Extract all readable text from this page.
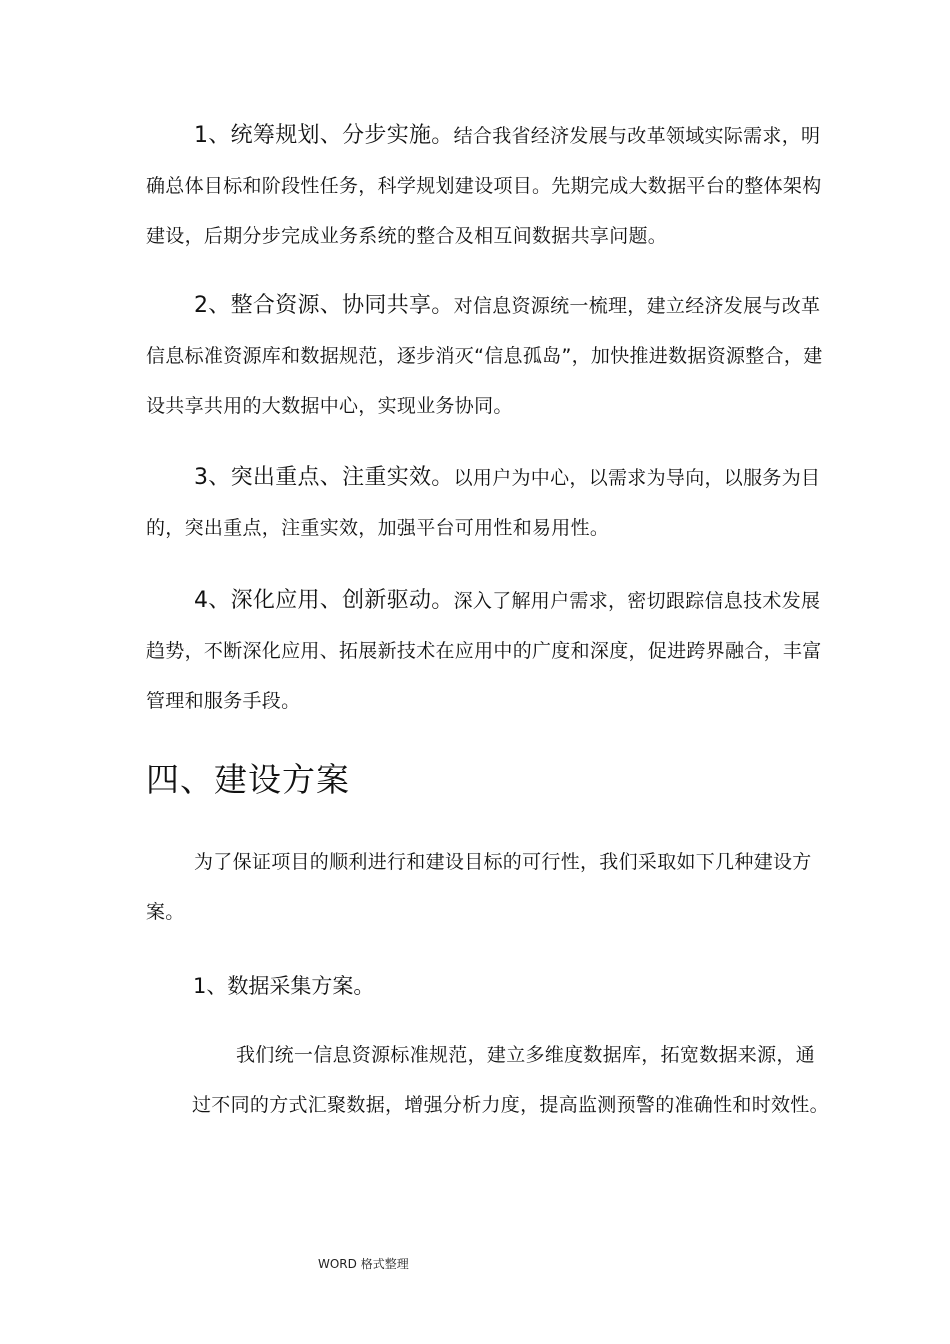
1、统筹规划、分步实施。结合我省经济发展与改革领域实际需求，明确总体目标和阶段性任务，科学规划建设项目。先期完成大数据平台的整体架构建设，后期分步完成业务系统的整合及相互间数据共享问题。

2、整合资源、协同共享。对信息资源统一梳理，建立经济发展与改革信息标准资源库和数据规范，逐步消灭“信息孤岛”，加快推进数据资源整合，建设共享共用的大数据中心，实现业务协同。

3、突出重点、注重实效。以用户为中心，以需求为导向，以服务为目的，突出重点，注重实效，加强平台可用性和易用性。

4、深化应用、创新驱动。深入了解用户需求，密切跟踪信息技术发展趋势，不断深化应用、拓展新技术在应用中的广度和深度，促进跨界融合，丰富管理和服务手段。

四、建设方案

为了保证项目的顺利进行和建设目标的可行性，我们采取如下几种建设方案。

1、数据采集方案。

我们统一信息资源标准规范，建立多维度数据库，拓宽数据来源，通过不同的方式汇聚数据，增强分析力度，提高监测预警的准确性和时效性。

WORD 格式整理
